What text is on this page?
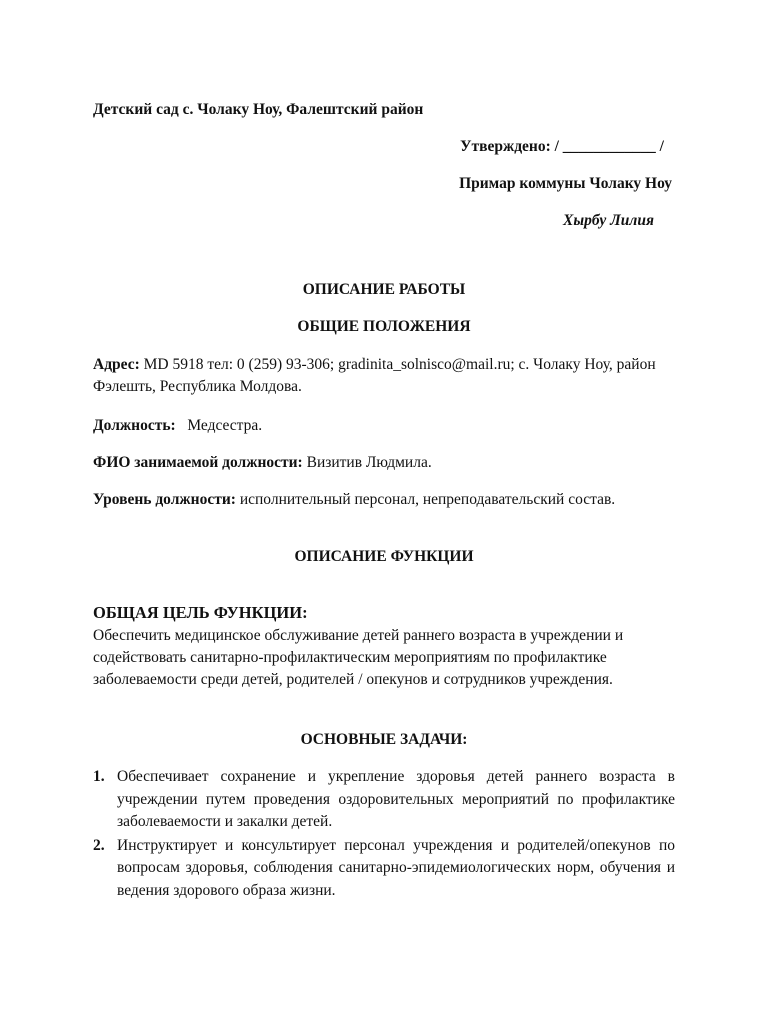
Детский сад с. Чолаку Ноу, Фалештский район

Утверждено: / ____________ /

Примар коммуны Чолаку Ноу

Хырбу Лилия

ОПИСАНИЕ РАБОТЫ

ОБЩИЕ ПОЛОЖЕНИЯ

Адрес: MD 5918 тел: 0 (259) 93-306; gradinita_solnisco@mail.ru; с. Чолаку Ноу, район Фэлешть, Республика Молдова.

Должность:   Медсестра.

ФИО занимаемой должности: Визитив Людмила.

Уровень должности: исполнительный персонал, непреподавательский состав.

ОПИСАНИЕ ФУНКЦИИ

ОБЩАЯ ЦЕЛЬ ФУНКЦИИ:

Обеспечить медицинское обслуживание детей раннего возраста в учреждении и содействовать санитарно-профилактическим мероприятиям по профилактике заболеваемости среди детей, родителей / опекунов и сотрудников учреждения.

ОСНОВНЫЕ ЗАДАЧИ:

1. Обеспечивает сохранение и укрепление здоровья детей раннего возраста в учреждении путем проведения оздоровительных мероприятий по профилактике заболеваемости и закалки детей.
2. Инструктирует и консультирует персонал учреждения и родителей/опекунов по вопросам здоровья, соблюдения санитарно-эпидемиологических норм, обучения и ведения здорового образа жизни.
